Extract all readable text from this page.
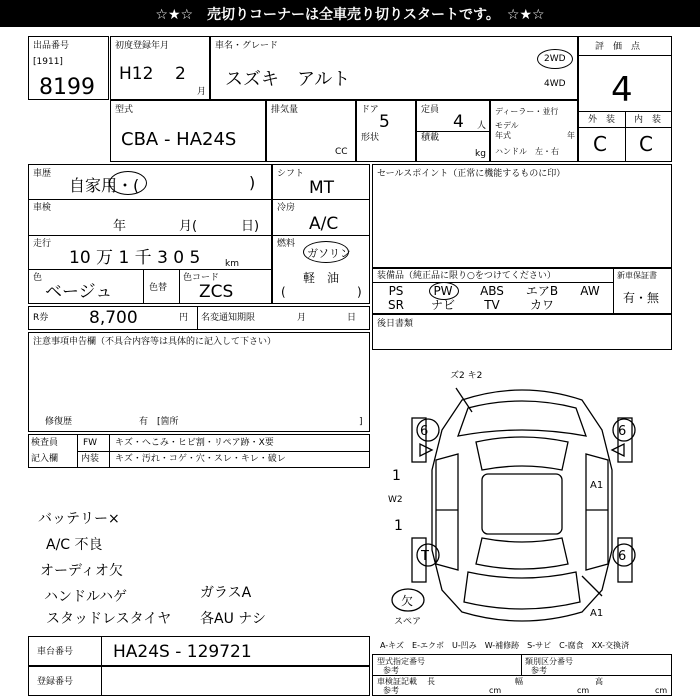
☆★☆　売切りコーナーは全車売り切りスタートです。　☆★☆
出品番号
[1911]
8199
初度登録年月
H12 2
月
車名・グレード
スズキ　アルト
2WD
4WD
評　価　点
4
外　装 内　装
C C
型式
CBA - HA24S
排気量
CC
ドア
5
形状
定員
4 人
積載
kg
ディーラー・並行
モデル
年式	年
ハンドル　左・右
車歴
自家用・(	)
車検
年	月(	日)
走行
10 万 1 千 3 0 5	km
色
ベージュ	色替
色コード
ZCS
シフト
MT
冷房
A/C
燃料
ガソリン
軽　油
(	)
セールスポイント（正常に機能するものに印）
装備品（純正品に限り○をつけてください）	新車保証書
PS	PW	ABS	エアB	AW
SR	ナビ	TV	カワ	有・無
R券 8,700	円 名変通知期限	月	日
後日書類
注意事項申告欄（不具合内容等は具体的に記入して下さい）
修復歴	有　[箇所	]
検査員
記入欄
FW キズ・へこみ・ヒビ割・リペア跡・X要
内装 キズ・汚れ・コゲ・穴・スレ・キレ・破レ
バッテリー×
A/C 不良
オーディオ欠
ハンドルハゲ
スタッドレスタイヤ
ガラスA
各AU ナシ
6	6
T	6
ズ2 キ2
1
W2
1
A1
A1
欠
スペア
A-キズ　E-エクボ　U-凹み　W-補修跡　S-サビ　C-腐食　XX-交換済
車台番号 HA24S - 129721
登録番号
型式指定番号
参考
類別区分番号
参考
車検証記載
参考
長
cm
幅
cm
高
cm
